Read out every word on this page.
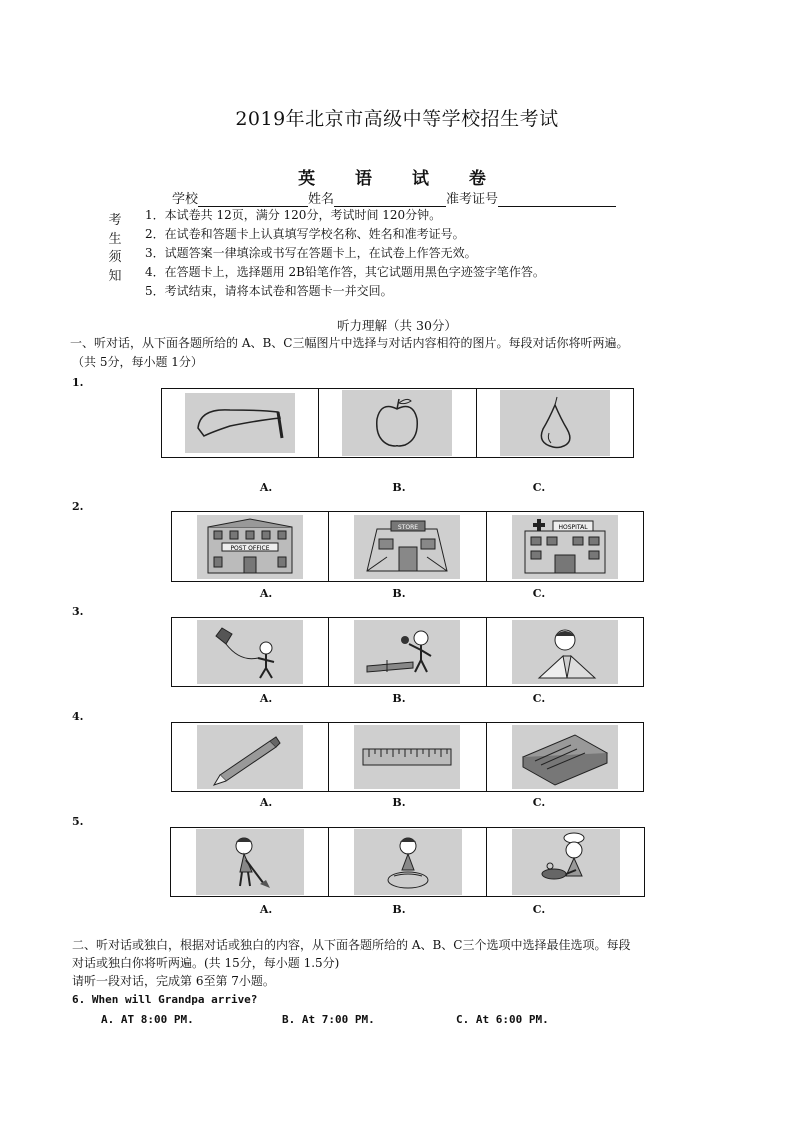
2019年北京市高级中等学校招生考试
英 语 试 卷
学校	姓名	准考证号
考
生
须
知
1．本试卷共 12页，满分 120分，考试时间 120分钟。
2．在试卷和答题卡上认真填写学校名称、姓名和准考证号。
3．试题答案一律填涂或书写在答题卡上，在试卷上作答无效。
4．在答题卡上，选择题用 2B铅笔作答，其它试题用黑色字迹签字笔作答。
5．考试结束，请将本试卷和答题卡一并交回。
听力理解（共 30分）
一、听对话，从下面各题所给的 A、B、C三幅图片中选择与对话内容相符的图片。每段对话你将听两遍。
（共 5分，每小题 1分）
1.
A.	B.	C.
2.
POST OFFICE
STORE	HOSPITAL
A.	B.	C.
3.
A.	B.	C.
4.
A.	B.	C.
5.
A.	B.	C.
二、听对话或独白，根据对话或独白的内容，从下面各题所给的 A、B、C三个选项中选择最佳选项。每段
对话或独白你将听两遍。(共 15分，每小题 1.5分)
请听一段对话，完成第 6至第 7小题。
6. When will Grandpa arrive?
A. AT 8:00 PM.	B. At 7:00 PM.	C. At 6:00 PM.
